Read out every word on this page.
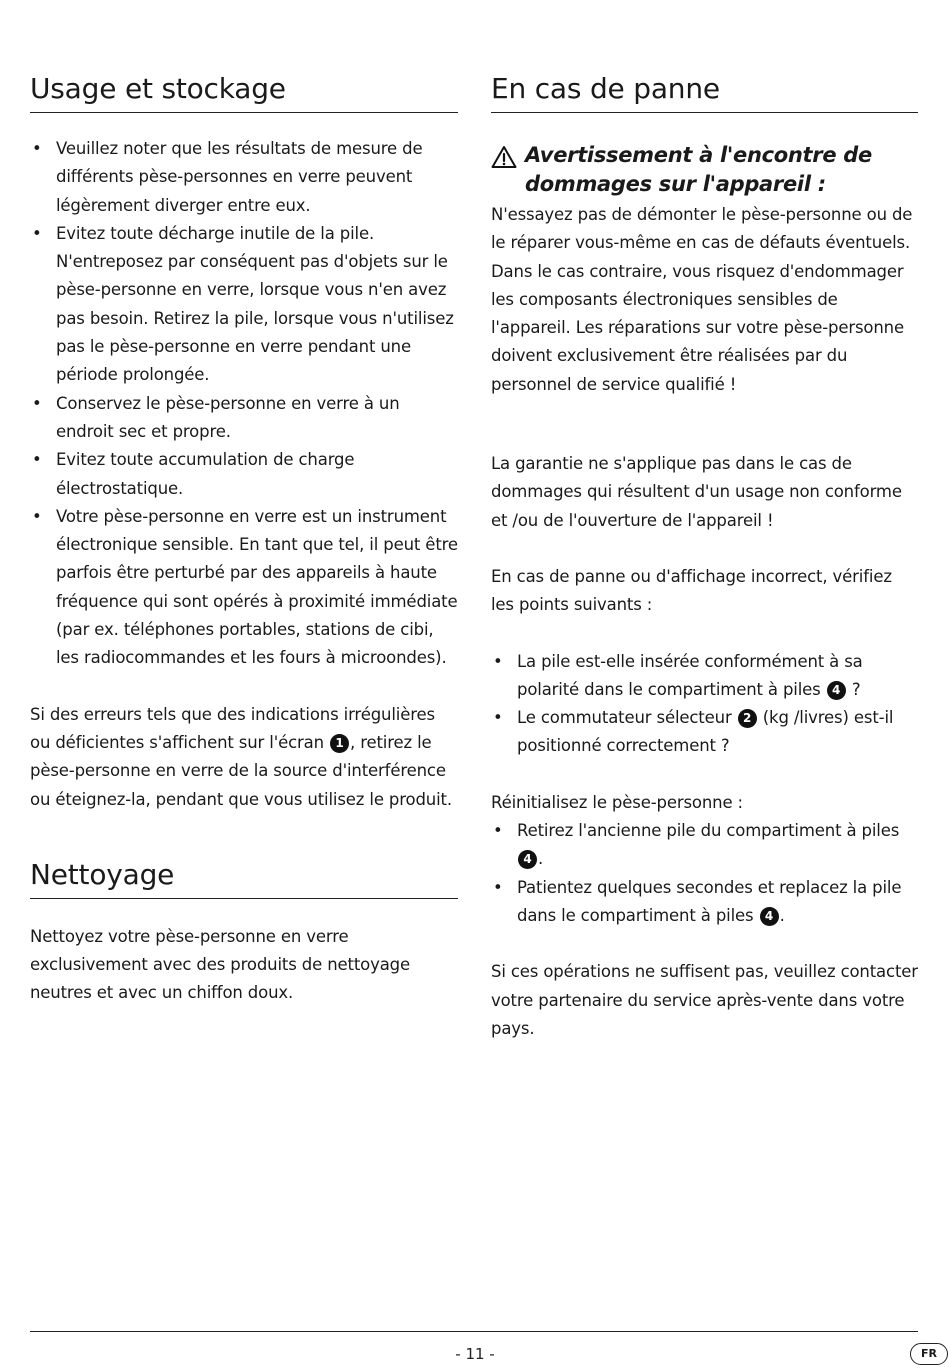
Usage et stockage
• Veuillez noter que les résultats de mesure de différents pèse-personnes en verre peuvent légèrement diverger entre eux.
• Evitez toute décharge inutile de la pile. N'entreposez par conséquent pas d'objets sur le pèse-personne en verre, lorsque vous n'en avez pas besoin. Retirez la pile, lorsque vous n'utilisez pas le pèse-personne en verre pendant une période prolongée.
• Conservez le pèse-personne en verre à un endroit sec et propre.
• Evitez toute accumulation de charge électrostatique.
• Votre pèse-personne en verre est un instrument électronique sensible. En tant que tel, il peut être parfois être perturbé par des appareils à haute fréquence qui sont opérés à proximité immédiate (par ex. téléphones portables, stations de cibi, les radiocommandes et les fours à microondes).

Si des erreurs tels que des indications irrégulières ou déficientes s'affichent sur l'écran 1 , retirez le pèse-personne en verre de la source d'interférence ou éteignez-la, pendant que vous utilisez le produit.

Nettoyage

Nettoyez votre pèse-personne en verre exclusivement avec des produits de nettoyage neutres et avec un chiffon doux.

En cas de panne
Avertissement à l'encontre de dommages sur l'appareil :

N'essayez pas de démonter le pèse-personne ou de le réparer vous-même en cas de défauts éventuels. Dans le cas contraire, vous risquez d'endommager les composants électroniques sensibles de l'appareil. Les réparations sur votre pèse-personne doivent exclusivement être réalisées par du personnel de service qualifié !

La garantie ne s'applique pas dans le cas de dommages qui résultent d'un usage non conforme et /ou de l'ouverture de l'appareil !

En cas de panne ou d'affichage incorrect, vérifiez les points suivants :

• La pile est-elle insérée conformément à sa polarité dans le compartiment à piles 4 ?
• Le commutateur sélecteur 2 (kg /livres) est-il positionné correctement ?

Réinitialisez le pèse-personne :

• Retirez l'ancienne pile du compartiment à piles 4 .
• Patientez quelques secondes et replacez la pile dans le compartiment à piles 4 .

Si ces opérations ne suffisent pas, veuillez contacter votre partenaire du service après-vente dans votre pays.

- 11 -	FR
